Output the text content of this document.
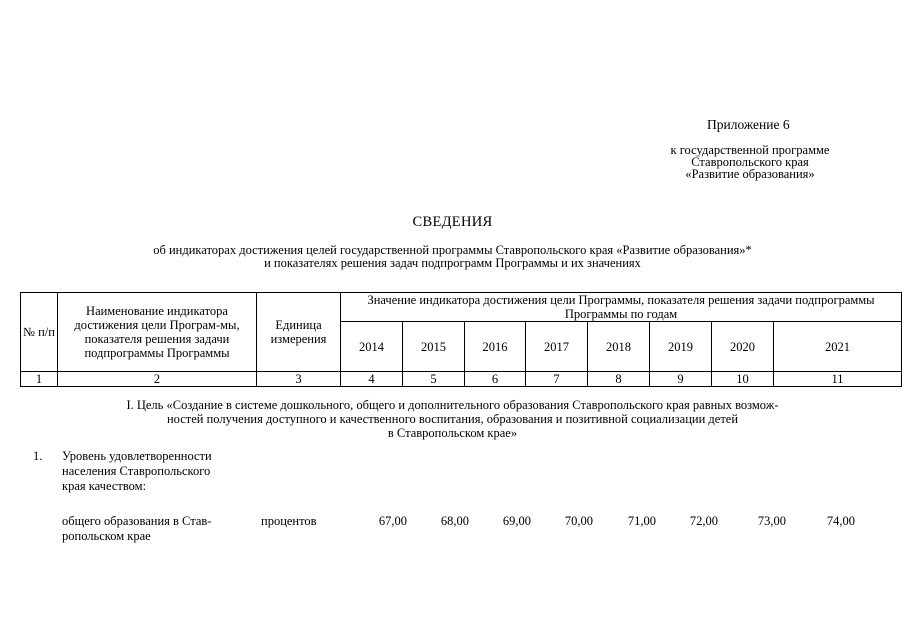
Приложение 6
к государственной программе
Ставропольского края
«Развитие образования»
СВЕДЕНИЯ
об индикаторах достижения целей государственной программы Ставропольского края «Развитие образования»*
и показателях решения задач подпрограмм Программы и их значениях
№ п/п	Наименование индикатора достижения цели Програм-мы, показателя решения задачи подпрограммы Программы	Единица измерения	Значение индикатора достижения цели Программы, показателя решения задачи подпрограммы Программы по годам							
			2014	2015	2016	2017	2018	2019	2020	2021
1	2	3	4	5	6	7	8	9	10	11
I. Цель «Создание в системе дошкольного, общего и дополнительного образования Ставропольского края равных возмож-
ностей получения доступного и качественного воспитания, образования и позитивной социализации детей
в Ставропольском крае»
1. Уровень удовлетворенности
населения Ставропольского
края качеством:
общего образования в Став-
ропольском крае
процентов	67,00	68,00	69,00	70,00	71,00	72,00	73,00	74,00
